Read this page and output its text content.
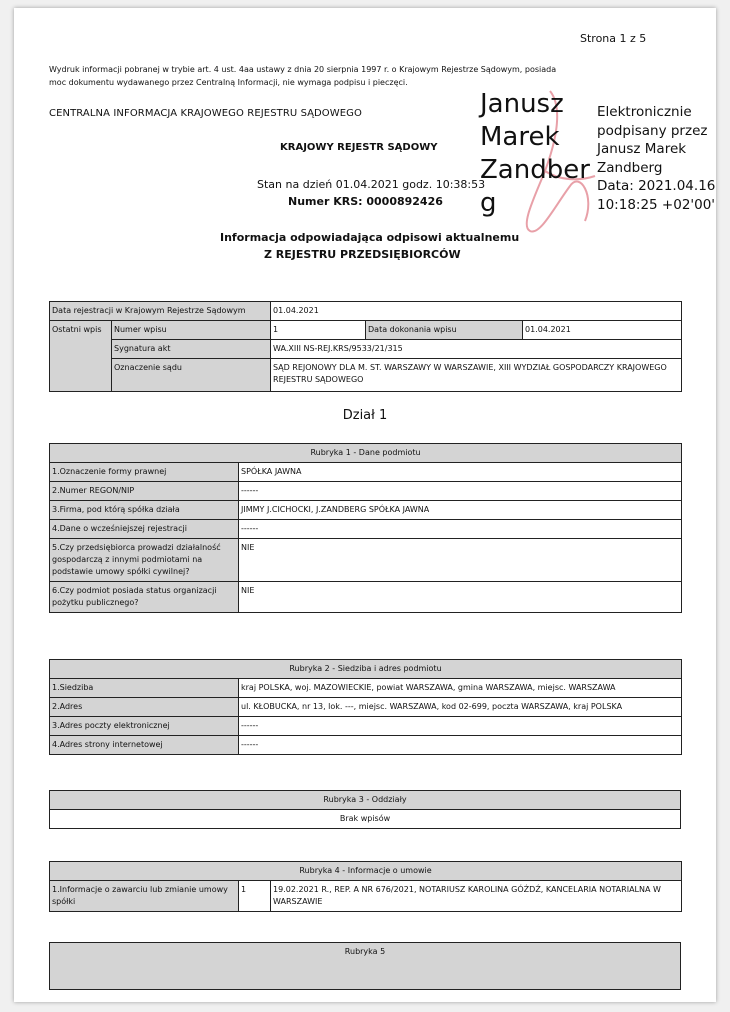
Strona 1 z 5
Wydruk informacji pobranej w trybie art. 4 ust. 4aa ustawy z dnia 20 sierpnia 1997 r. o Krajowym Rejestrze Sądowym, posiada moc dokumentu wydawanego przez Centralną Informacji, nie wymaga podpisu i pieczęci.
CENTRALNA INFORMACJA KRAJOWEGO REJESTRU SĄDOWEGO
KRAJOWY REJESTR SĄDOWY
Stan na dzień 01.04.2021 godz. 10:38:53
Numer KRS: 0000892426
Informacja odpowiadająca odpisowi aktualnemu
Z REJESTRU PRZEDSIĘBIORCÓW
Janusz
Marek
Zandber
g
Elektronicznie
podpisany przez
Janusz Marek
Zandberg
Data: 2021.04.16
10:18:25 +02'00'
Data rejestracji w Krajowym Rejestrze Sądowym		01.04.2021		
Ostatni wpis	Numer wpisu	1	Data dokonania wpisu	01.04.2021
	Sygnatura akt	WA.XIII NS-REJ.KRS/9533/21/315		
	Oznaczenie sądu	SĄD REJONOWY DLA M. ST. WARSZAWY W WARSZAWIE, XIII WYDZIAŁ GOSPODARCZY KRAJOWEGO REJESTRU SĄDOWEGO		
Dział 1
Rubryka 1 - Dane podmiotu	
1.Oznaczenie formy prawnej	SPÓŁKA JAWNA
2.Numer REGON/NIP	------
3.Firma, pod którą spółka działa	JIMMY J.CICHOCKI, J.ZANDBERG SPÓŁKA JAWNA
4.Dane o wcześniejszej rejestracji	------
5.Czy przedsiębiorca prowadzi działalność gospodarczą z innymi podmiotami na podstawie umowy spółki cywilnej?	NIE
6.Czy podmiot posiada status organizacji pożytku publicznego?	NIE
Rubryka 2 - Siedziba i adres podmiotu	
1.Siedziba	kraj POLSKA, woj. MAZOWIECKIE, powiat WARSZAWA, gmina WARSZAWA, miejsc. WARSZAWA
2.Adres	ul. KŁOBUCKA, nr 13, lok. ---, miejsc. WARSZAWA, kod 02-699, poczta WARSZAWA, kraj POLSKA
3.Adres poczty elektronicznej	------
4.Adres strony internetowej	------
Rubryka 3 - Oddziały
Brak wpisów
Rubryka 4 - Informacje o umowie
1.Informacje o zawarciu lub zmianie umowy spółki	1	19.02.2021 R., REP. A NR 676/2021, NOTARIUSZ KAROLINA GÓŹDŹ, KANCELARIA NOTARIALNA W WARSZAWIE
Rubryka 5
